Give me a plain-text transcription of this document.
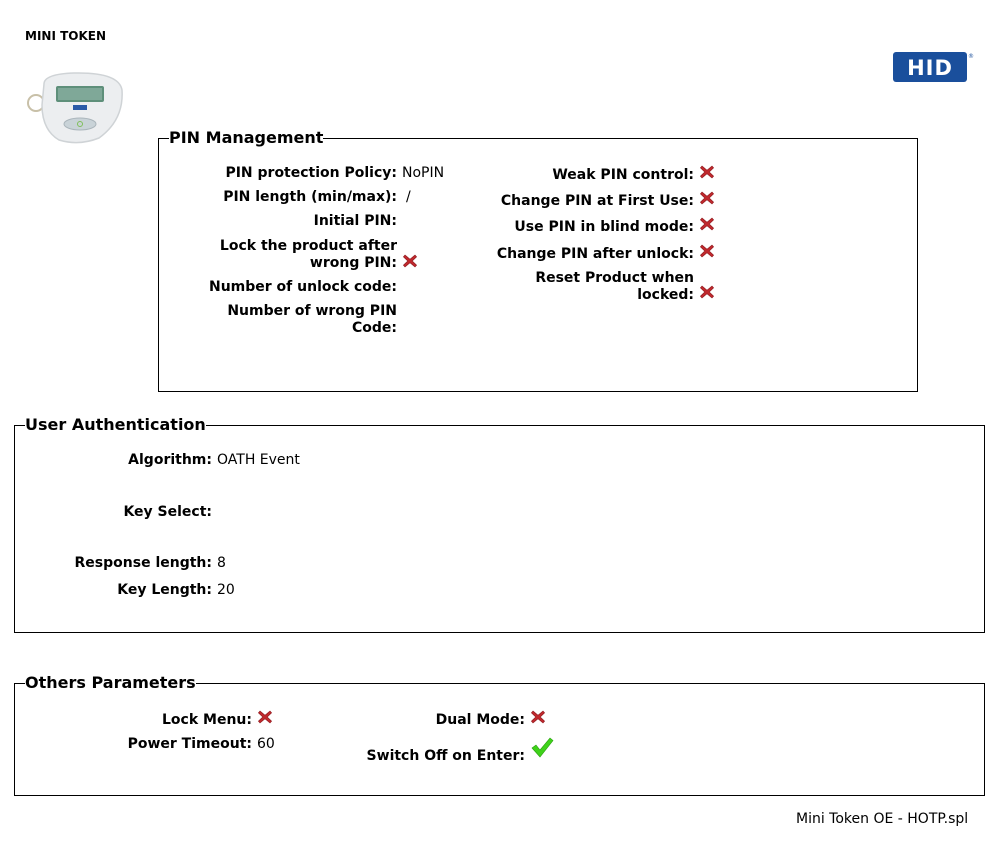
MINI TOKEN
HID	®
PIN Management
PIN protection Policy: NoPIN
PIN length (min/max): /
Initial PIN:
Lock the product after
wrong PIN:
Number of unlock code:
Number of wrong PIN
Code:
Weak PIN control:
Change PIN at First Use:
Use PIN in blind mode:
Change PIN after unlock:
Reset Product when
locked:
User Authentication
Algorithm: OATH Event
Key Select:
Response length: 8
Key Length: 20
Others Parameters
Lock Menu:
Power Timeout: 60
Dual Mode:
Switch Off on Enter:
Mini Token OE - HOTP.spl
